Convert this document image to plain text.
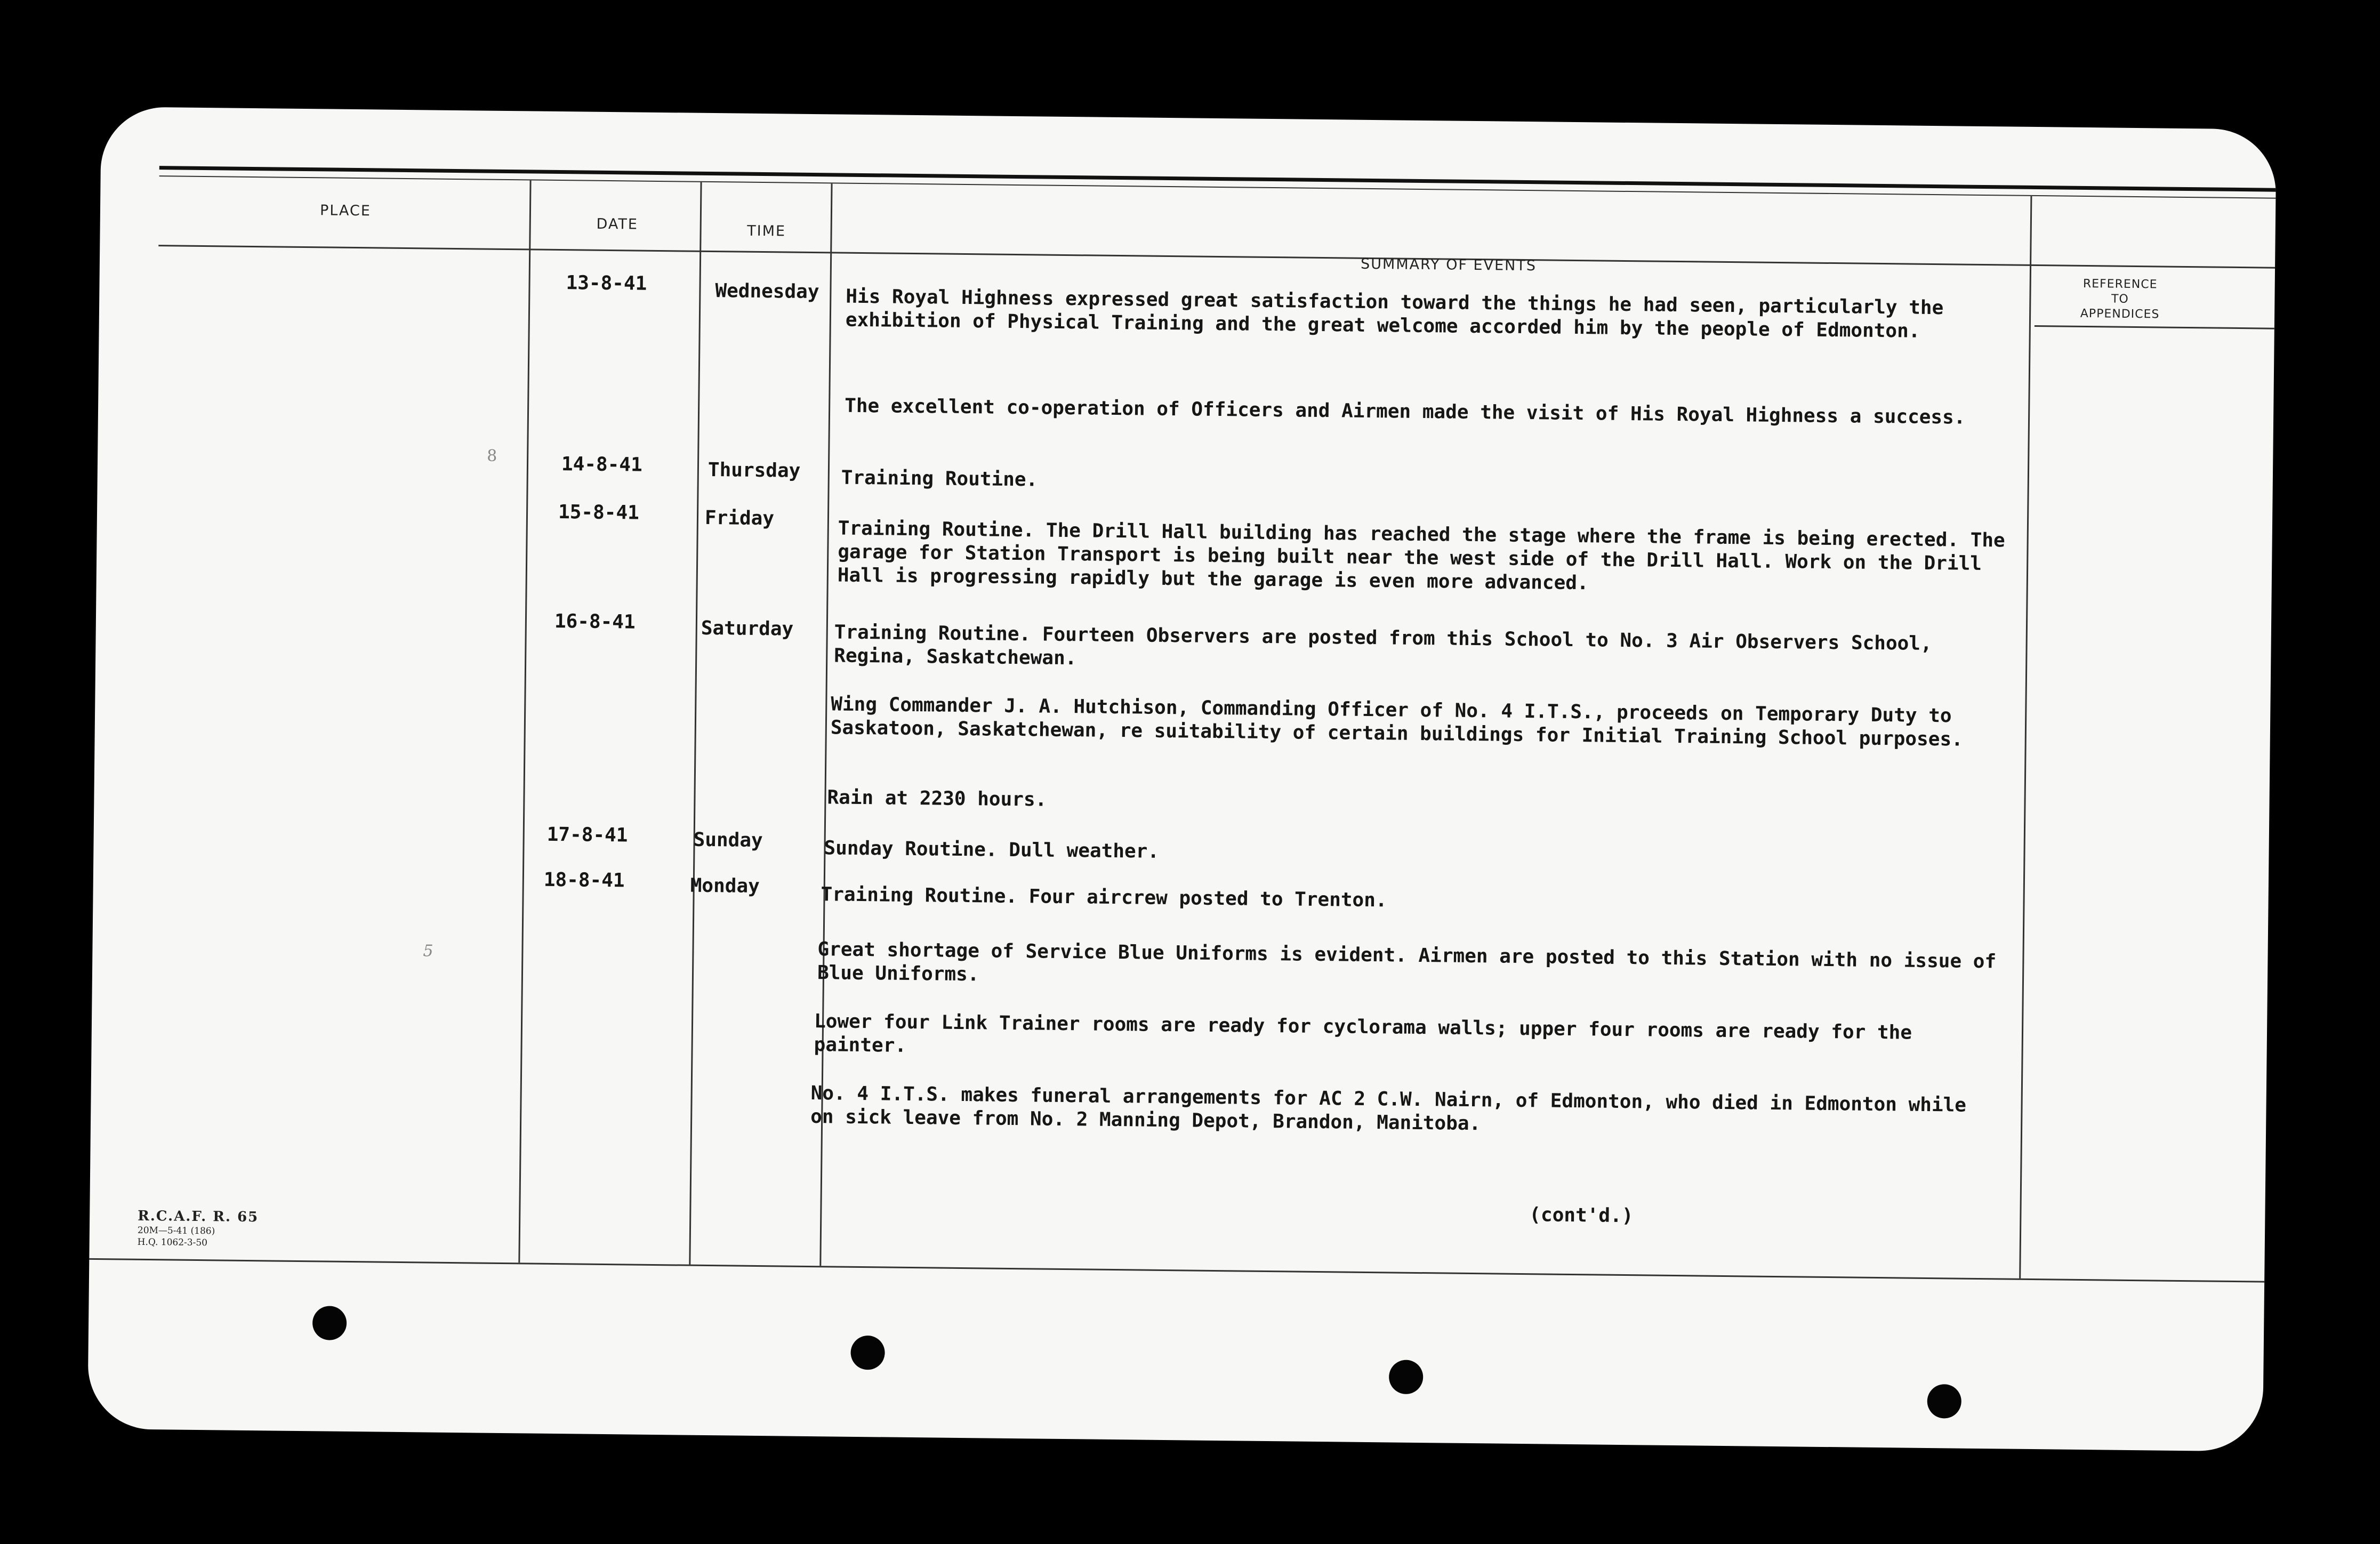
PLACE
DATE	TIME
SUMMARY OF EVENTS
REFERENCE
TO
APPENDICES
13-8-41	Wednesday	His Royal Highness expressed great satisfaction toward the things he had seen, particularly the exhibition of Physical Training and the great welcome accorded him by the people of Edmonton.
The excellent co-operation of Officers and Airmen made the visit of His Royal Highness a success.
14-8-41	Thursday	Training Routine.
15-8-41	Friday	Training Routine. The Drill Hall building has reached the stage where the frame is being erected. The garage for Station Transport is being built near the west side of the Drill Hall. Work on the Drill Hall is progressing rapidly but the garage is even more advanced.
16-8-41	Saturday	Training Routine. Fourteen Observers are posted from this School to No. 3 Air Observers School, Regina, Saskatchewan.
Wing Commander J. A. Hutchison, Commanding Officer of No. 4 I.T.S., proceeds on Temporary Duty to Saskatoon, Saskatchewan, re suitability of certain buildings for Initial Training School purposes.
Rain at 2230 hours.
17-8-41	Sunday	Sunday Routine. Dull weather.
18-8-41	Monday	Training Routine. Four aircrew posted to Trenton.
Great shortage of Service Blue Uniforms is evident. Airmen are posted to this Station with no issue of Blue Uniforms.
Lower four Link Trainer rooms are ready for cyclorama walls; upper four rooms are ready for the painter.
No. 4 I.T.S. makes funeral arrangements for AC 2 C.W. Nairn, of Edmonton, who died in Edmonton while on sick leave from No. 2 Manning Depot, Brandon, Manitoba.
(cont'd.)
8
5
R.C.A.F. R. 65
20M—5-41 (186)
H.Q. 1062-3-50
